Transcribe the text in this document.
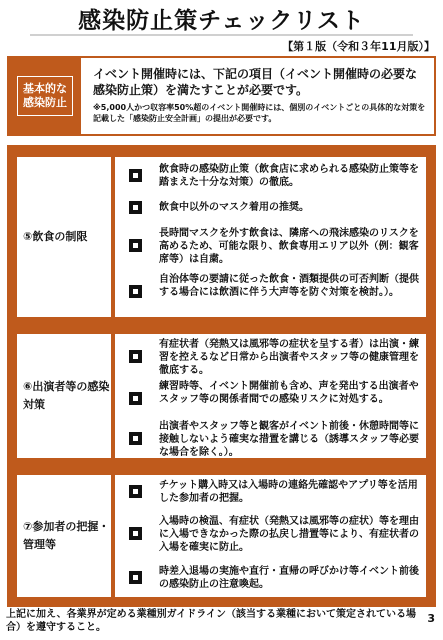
感染防止策チェックリスト
【第１版（令和３年11月版）】
基本的な感染防止
イベント開催時には、下記の項目（イベント開催時の必要な感染防止策）を満たすことが必要です。
※5,000人かつ収容率50%超のイベント開催時には、個別のイベントごとの具体的な対策を記載した「感染防止安全計画」の提出が必要です。
⑤飲食の制限
飲食時の感染防止策（飲食店に求められる感染防止策等を踏まえた十分な対策）の徹底。
飲食中以外のマスク着用の推奨。
長時間マスクを外す飲食は、隣席への飛沫感染のリスクを高めるため、可能な限り、飲食専用エリア以外（例：観客席等）は自粛。
自治体等の要請に従った飲食・酒類提供の可否判断（提供する場合には飲酒に伴う大声等を防ぐ対策を検討。）。
⑥出演者等の感染対策
有症状者（発熱又は風邪等の症状を呈する者）は出演・練習を控えるなど日常から出演者やスタッフ等の健康管理を徹底する。
練習時等、イベント開催前も含め、声を発出する出演者やスタッフ等の関係者間での感染リスクに対処する。
出演者やスタッフ等と観客がイベント前後・休憩時間等に接触しないよう確実な措置を講じる（誘導スタッフ等必要な場合を除く。）。
⑦参加者の把握・管理等
チケット購入時又は入場時の連絡先確認やアプリ等を活用した参加者の把握。
入場時の検温、有症状（発熱又は風邪等の症状）等を理由に入場できなかった際の払戻し措置等により、有症状者の入場を確実に防止。
時差入退場の実施や直行・直帰の呼びかけ等イベント前後の感染防止の注意喚起。
上記に加え、各業界が定める業種別ガイドライン（該当する業種において策定されている場合）を遵守すること。
3
